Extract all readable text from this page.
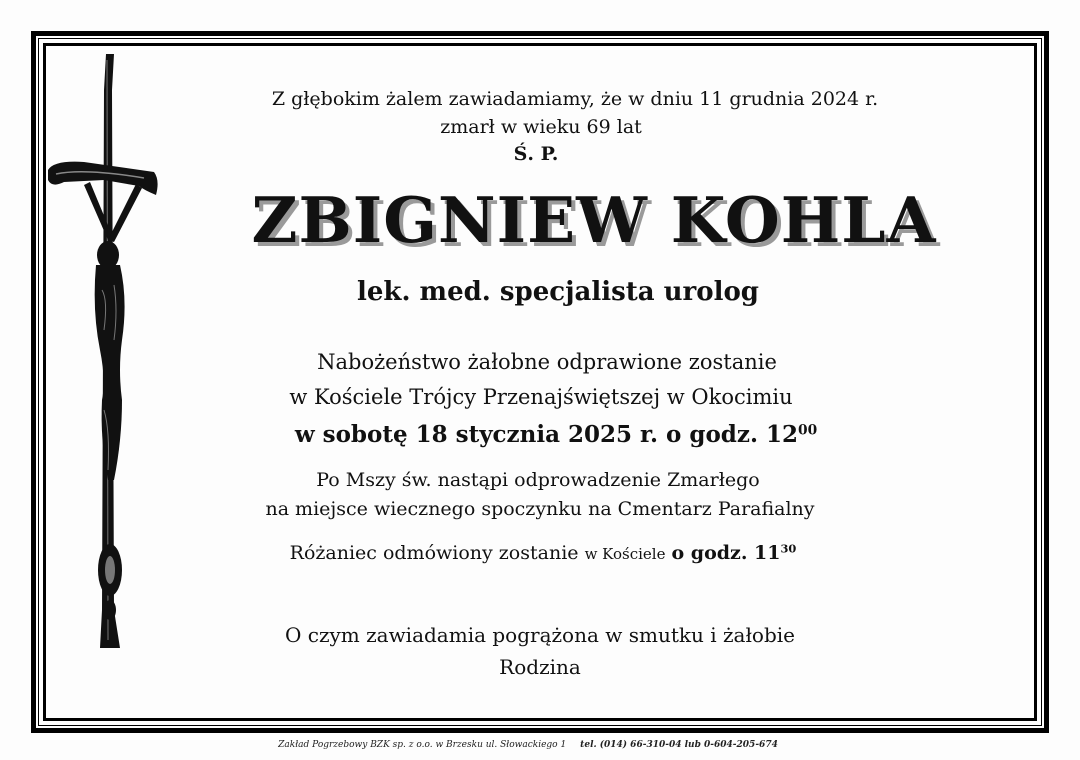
Z głębokim żalem zawiadamiamy, że w dniu 11 grudnia 2024 r.
zmarł w wieku 69 lat
Ś. P.
ZBIGNIEW KOHLA
lek. med. specjalista urolog
Nabożeństwo żałobne odprawione zostanie
w Kościele Trójcy Przenajświętszej w Okocimiu
w sobotę 18 stycznia 2025 r. o godz. $12^{00}$
Po Mszy św. nastąpi odprowadzenie Zmarłego
na miejsce wiecznego spoczynku na Cmentarz Parafialny
Różaniec odmówiony zostanie w Kościele o godz. $11^{30}$
O czym zawiadamia pogrążona w smutku i żałobie
Rodzina
Zakład Pogrzebowy BZK sp. z o.o. w Brzesku ul. Słowackiego 1 tel. (014) 66-310-04 lub 0-604-205-674
